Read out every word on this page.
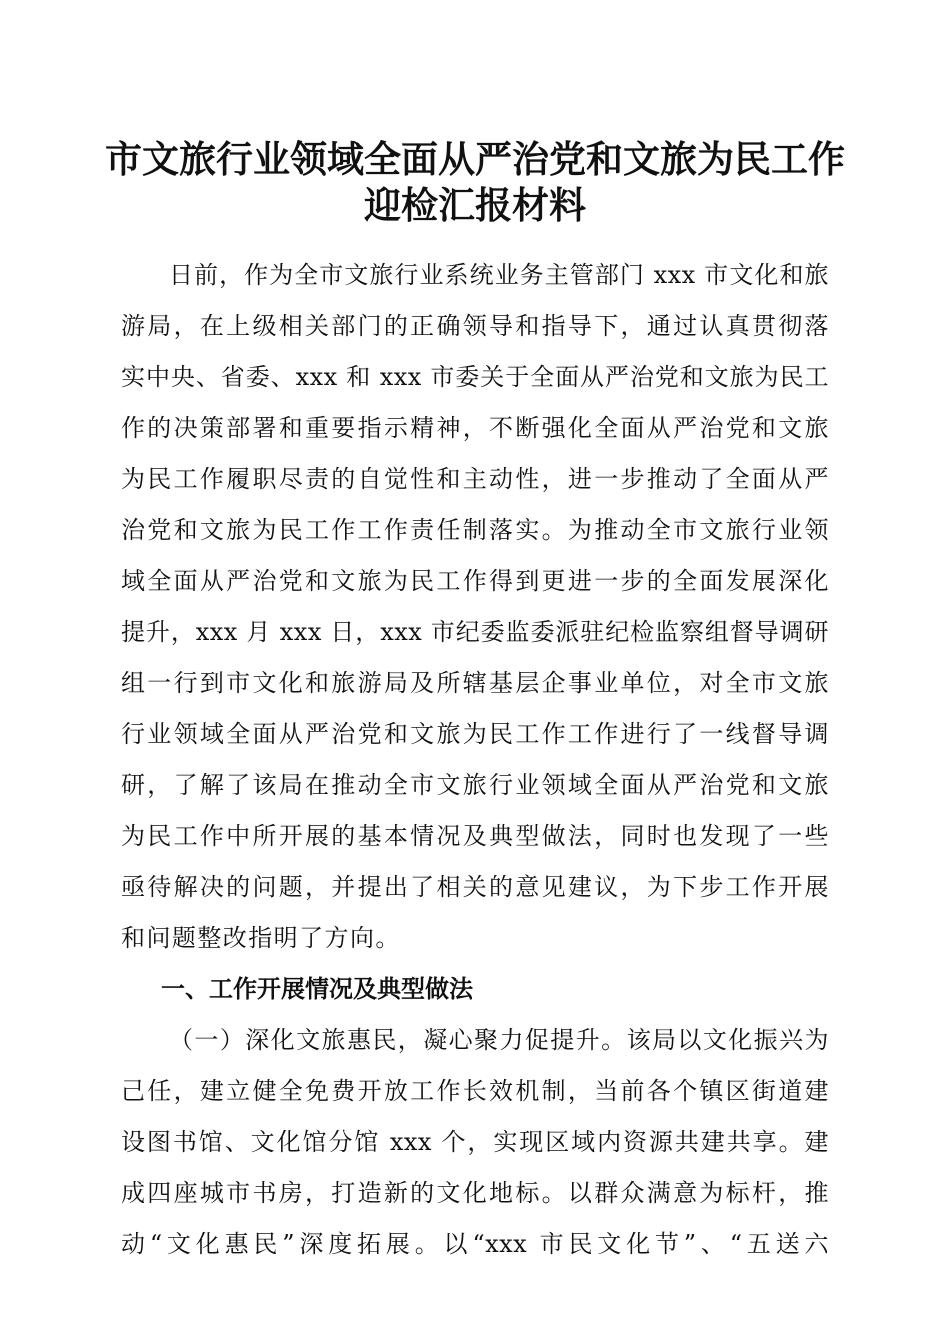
市文旅行业领域全面从严治党和文旅为民工作
迎检汇报材料
日前，作为全市文旅行业系统业务主管部门 xxx 市文化和旅
游局，在上级相关部门的正确领导和指导下，通过认真贯彻落
实中央、省委、xxx 和 xxx 市委关于全面从严治党和文旅为民工
作的决策部署和重要指示精神，不断强化全面从严治党和文旅
为民工作履职尽责的自觉性和主动性，进一步推动了全面从严
治党和文旅为民工作工作责任制落实。为推动全市文旅行业领
域全面从严治党和文旅为民工作得到更进一步的全面发展深化
提升，xxx 月 xxx 日，xxx 市纪委监委派驻纪检监察组督导调研
组一行到市文化和旅游局及所辖基层企事业单位，对全市文旅
行业领域全面从严治党和文旅为民工作工作进行了一线督导调
研，了解了该局在推动全市文旅行业领域全面从严治党和文旅
为民工作中所开展的基本情况及典型做法，同时也发现了一些
亟待解决的问题，并提出了相关的意见建议，为下步工作开展
和问题整改指明了方向。
一、工作开展情况及典型做法
（一）深化文旅惠民，凝心聚力促提升。该局以文化振兴为
己任，建立健全免费开放工作长效机制，当前各个镇区街道建
设图书馆、文化馆分馆 xxx 个，实现区域内资源共建共享。建
成四座城市书房，打造新的文化地标。以群众满意为标杆，推
动“文化惠民”深度拓展。以“xxx 市民文化节”、“五送六
